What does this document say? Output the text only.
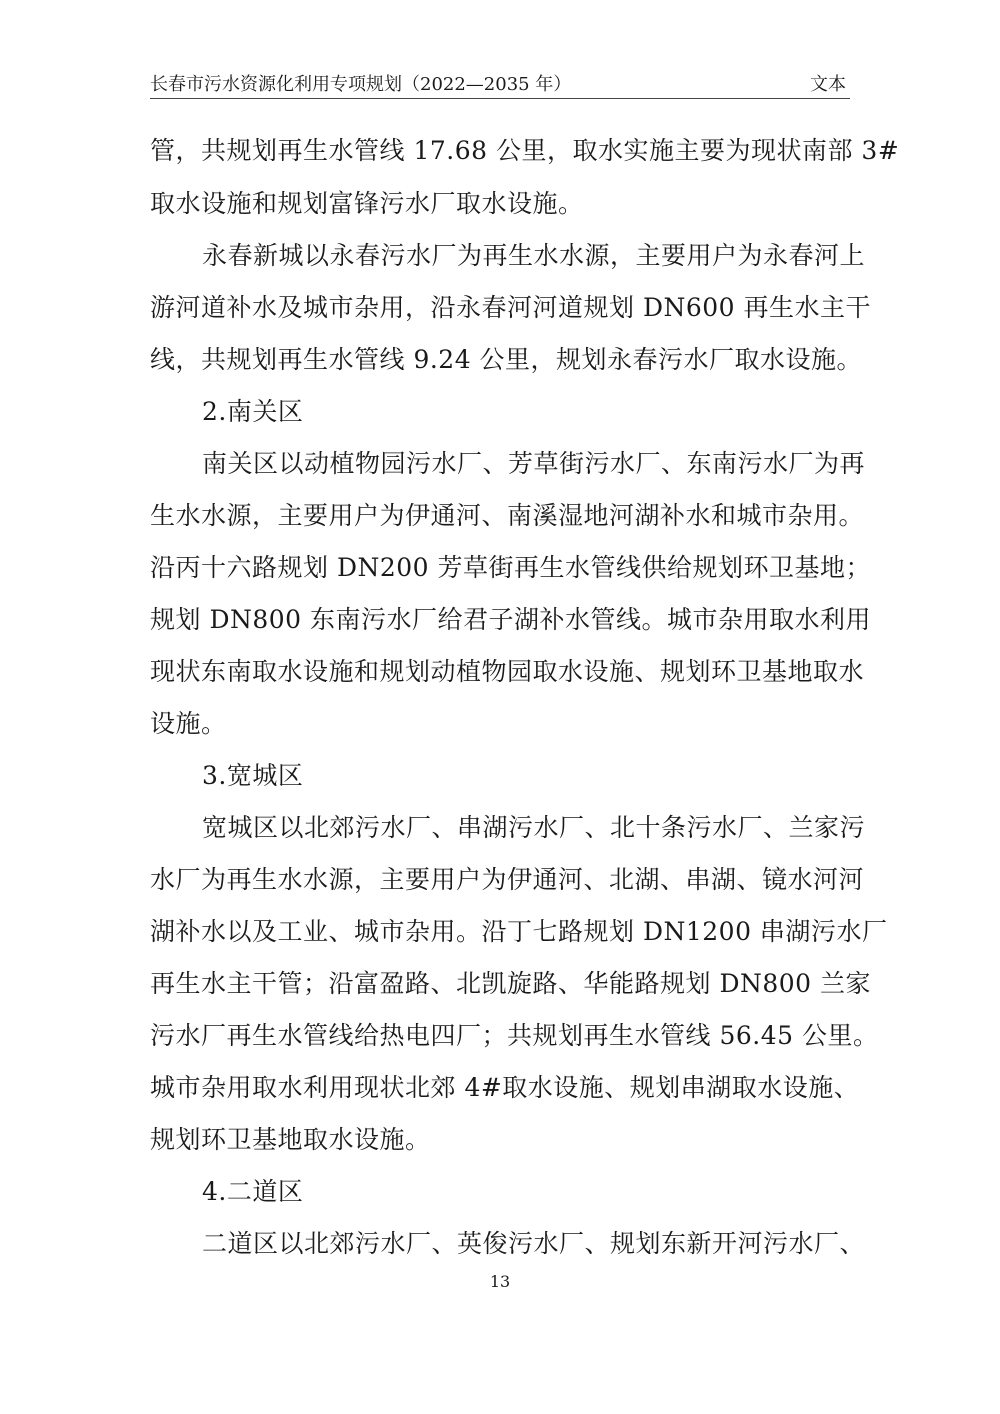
长春市污水资源化利用专项规划（2022—2035 年）	文本
管，共规划再生水管线 17.68 公里，取水实施主要为现状南部 3#
取水设施和规划富锋污水厂取水设施。
永春新城以永春污水厂为再生水水源，主要用户为永春河上
游河道补水及城市杂用，沿永春河河道规划 DN600 再生水主干
线，共规划再生水管线 9.24 公里，规划永春污水厂取水设施。
2.南关区
南关区以动植物园污水厂、芳草街污水厂、东南污水厂为再
生水水源，主要用户为伊通河、南溪湿地河湖补水和城市杂用。
沿丙十六路规划 DN200 芳草街再生水管线供给规划环卫基地；
规划 DN800 东南污水厂给君子湖补水管线。城市杂用取水利用
现状东南取水设施和规划动植物园取水设施、规划环卫基地取水
设施。
3.宽城区
宽城区以北郊污水厂、串湖污水厂、北十条污水厂、兰家污
水厂为再生水水源，主要用户为伊通河、北湖、串湖、镜水河河
湖补水以及工业、城市杂用。沿丁七路规划 DN1200 串湖污水厂
再生水主干管；沿富盈路、北凯旋路、华能路规划 DN800 兰家
污水厂再生水管线给热电四厂；共规划再生水管线 56.45 公里。
城市杂用取水利用现状北郊 4#取水设施、规划串湖取水设施、
规划环卫基地取水设施。
4.二道区
二道区以北郊污水厂、英俊污水厂、规划东新开河污水厂、
13
